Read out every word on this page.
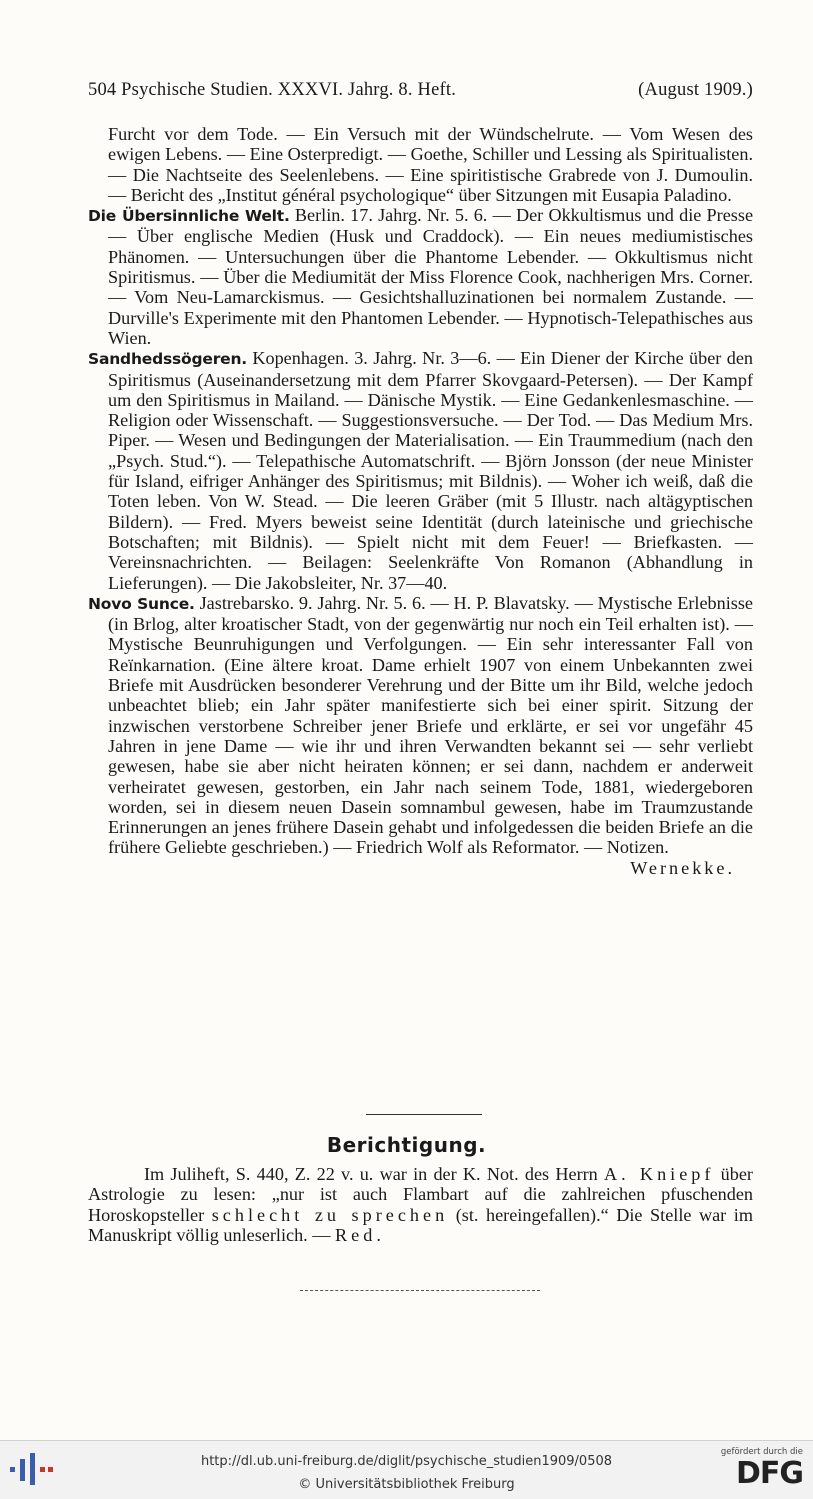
504 Psychische Studien. XXXVI. Jahrg. 8. Heft.	(August 1909.)

Furcht vor dem Tode. — Ein Versuch mit der Wündschelrute. — Vom Wesen des ewigen Lebens. — Eine Osterpredigt. — Goethe, Schiller und Lessing als Spiritualisten. — Die Nachtseite des Seelenlebens. — Eine spiritistische Grabrede von J. Dumoulin. — Bericht des „Institut général psychologique“ über Sitzungen mit Eusapia Paladino.

Die Übersinnliche Welt. Berlin. 17. Jahrg. Nr. 5. 6. — Der Okkultismus und die Presse — Über englische Medien (Husk und Craddock). — Ein neues mediumistisches Phänomen. — Untersuchungen über die Phantome Lebender. — Okkultismus nicht Spiritismus. — Über die Mediumität der Miss Florence Cook, nachherigen Mrs. Corner. — Vom Neu-Lamarckismus. — Gesichtshalluzinationen bei normalem Zustande. — Durville's Experimente mit den Phantomen Lebender. — Hypnotisch-Telepathisches aus Wien.

Sandhedssögeren. Kopenhagen. 3. Jahrg. Nr. 3—6. — Ein Diener der Kirche über den Spiritismus (Auseinandersetzung mit dem Pfarrer Skovgaard-Petersen). — Der Kampf um den Spiritismus in Mailand. — Dänische Mystik. — Eine Gedankenlesmaschine. — Religion oder Wissenschaft. — Suggestionsversuche. — Der Tod. — Das Medium Mrs. Piper. — Wesen und Bedingungen der Materialisation. — Ein Traummedium (nach den „Psych. Stud.“). — Telepathische Automatschrift. — Björn Jonsson (der neue Minister für Island, eifriger Anhänger des Spiritismus; mit Bildnis). — Woher ich weiß, daß die Toten leben. Von W. Stead. — Die leeren Gräber (mit 5 Illustr. nach altägyptischen Bildern). — Fred. Myers beweist seine Identität (durch lateinische und griechische Botschaften; mit Bildnis). — Spielt nicht mit dem Feuer! — Briefkasten. — Vereinsnachrichten. — Beilagen: Seelenkräfte Von Romanon (Abhandlung in Lieferungen). — Die Jakobsleiter, Nr. 37—40.

Novo Sunce. Jastrebarsko. 9. Jahrg. Nr. 5. 6. — H. P. Blavatsky. — Mystische Erlebnisse (in Brlog, alter kroatischer Stadt, von der gegenwärtig nur noch ein Teil erhalten ist). — Mystische Beunruhigungen und Verfolgungen. — Ein sehr interessanter Fall von Reïnkarnation. (Eine ältere kroat. Dame erhielt 1907 von einem Unbekannten zwei Briefe mit Ausdrücken besonderer Verehrung und der Bitte um ihr Bild, welche jedoch unbeachtet blieb; ein Jahr später manifestierte sich bei einer spirit. Sitzung der inzwischen verstorbene Schreiber jener Briefe und erklärte, er sei vor ungefähr 45 Jahren in jene Dame — wie ihr und ihren Verwandten bekannt sei — sehr verliebt gewesen, habe sie aber nicht heiraten können; er sei dann, nachdem er anderweit verheiratet gewesen, gestorben, ein Jahr nach seinem Tode, 1881, wiedergeboren worden, sei in diesem neuen Dasein somnambul gewesen, habe im Traumzustande Erinnerungen an jenes frühere Dasein gehabt und infolgedessen die beiden Briefe an die frühere Geliebte geschrieben.) — Friedrich Wolf als Reformator. — Notizen.

Wernekke.

Berichtigung.

Im Juliheft, S. 440, Z. 22 v. u. war in der K. Not. des Herrn A. Kniepf über Astrologie zu lesen: „nur ist auch Flambart auf die zahlreichen pfuschenden Horoskopsteller schlecht zu sprechen (st. hereingefallen).“ Die Stelle war im Manuskript völlig unleserlich. — Red.

http://dl.ub.uni-freiburg.de/diglit/psychische_studien1909/0508
© Universitätsbibliothek Freiburg
gefördert durch die
DFG
